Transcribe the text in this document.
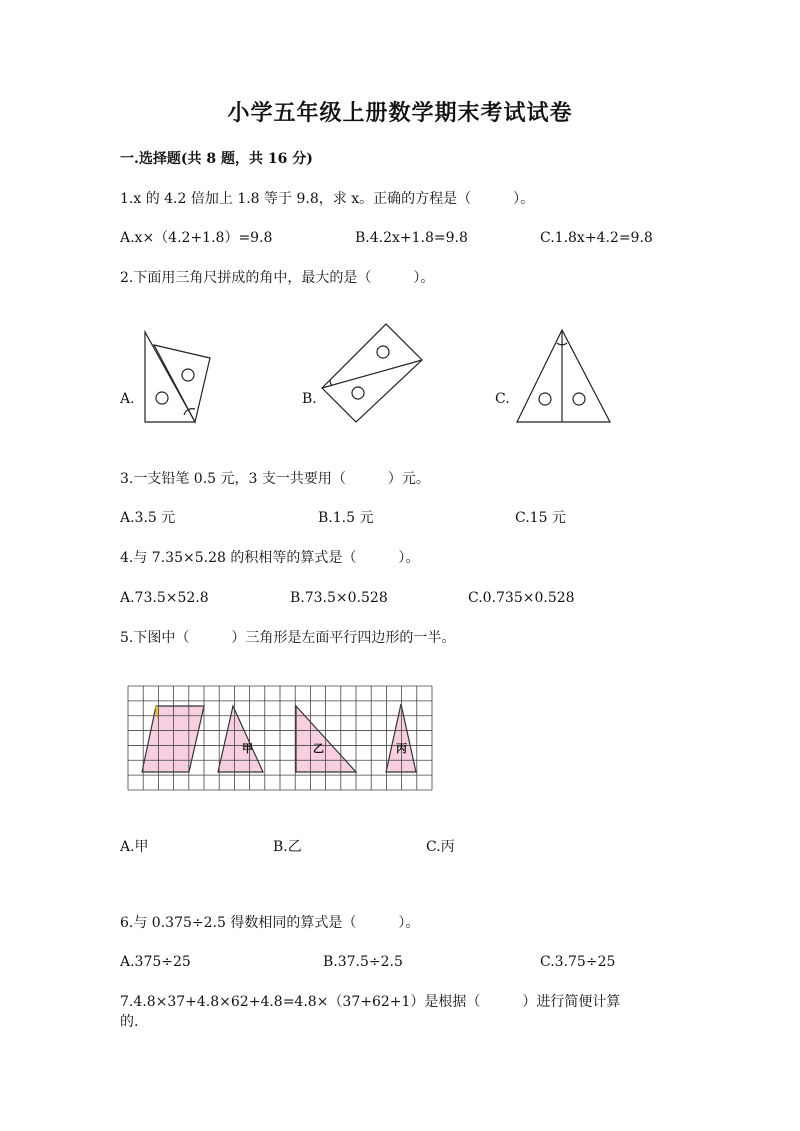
小学五年级上册数学期末考试试卷
一.选择题(共 8 题，共 16 分)
1.x 的 4.2 倍加上 1.8 等于 9.8，求 x。正确的方程是（　　　）。
A.x×（4.2+1.8）=9.8	B.4.2x+1.8=9.8	C.1.8x+4.2=9.8
2.下面用三角尺拼成的角中，最大的是（　　　）。
A.	B.	C.
3.一支铅笔 0.5 元，3 支一共要用（　　　）元。
A.3.5 元	B.1.5 元	C.15 元
4.与 7.35×5.28 的积相等的算式是（　　　）。
A.73.5×52.8	B.73.5×0.528	C.0.735×0.528
5.下图中（　　　）三角形是左面平行四边形的一半。
甲	乙	丙
A.甲	B.乙	C.丙
6.与 0.375÷2.5 得数相同的算式是（　　　）。
A.375÷25	B.37.5÷2.5	C.3.75÷25
7.4.8×37+4.8×62+4.8=4.8×（37+62+1）是根据（　　　）进行简便计算
的.
